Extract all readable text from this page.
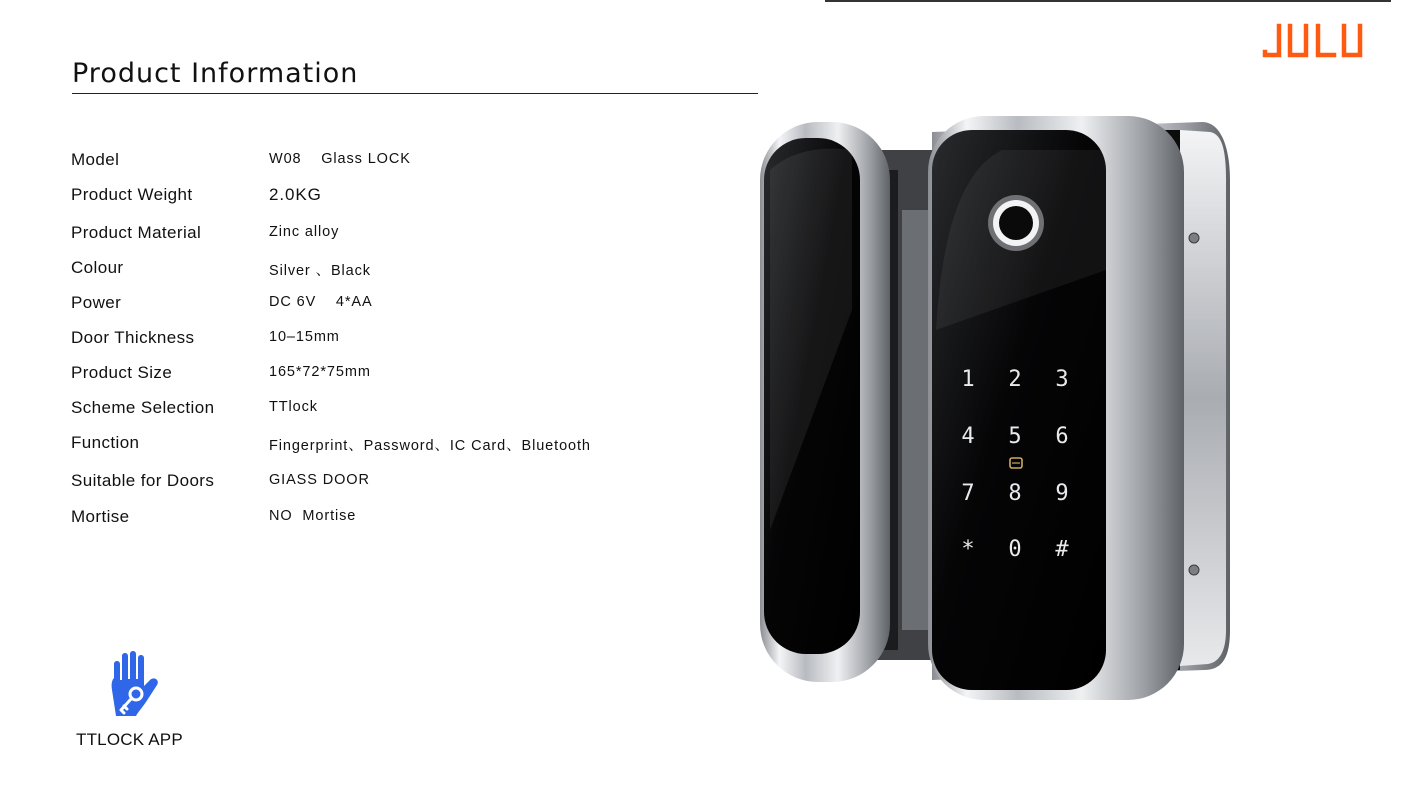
Product Information
Model	W08    Glass LOCK
Product Weight	2.0KG
Product Material	Zinc alloy
Colour	Silver 、Black
Power	DC 6V    4*AA
Door Thickness	10–15mm
Product Size	165*72*75mm
Scheme Selection	TTlock
Function	Fingerprint、Password、IC Card、Bluetooth
Suitable for Doors	GIASS DOOR
Mortise	NO  Mortise
TTLOCK APP
1 2 3
4 5 6
7 8 9
* 0 #
